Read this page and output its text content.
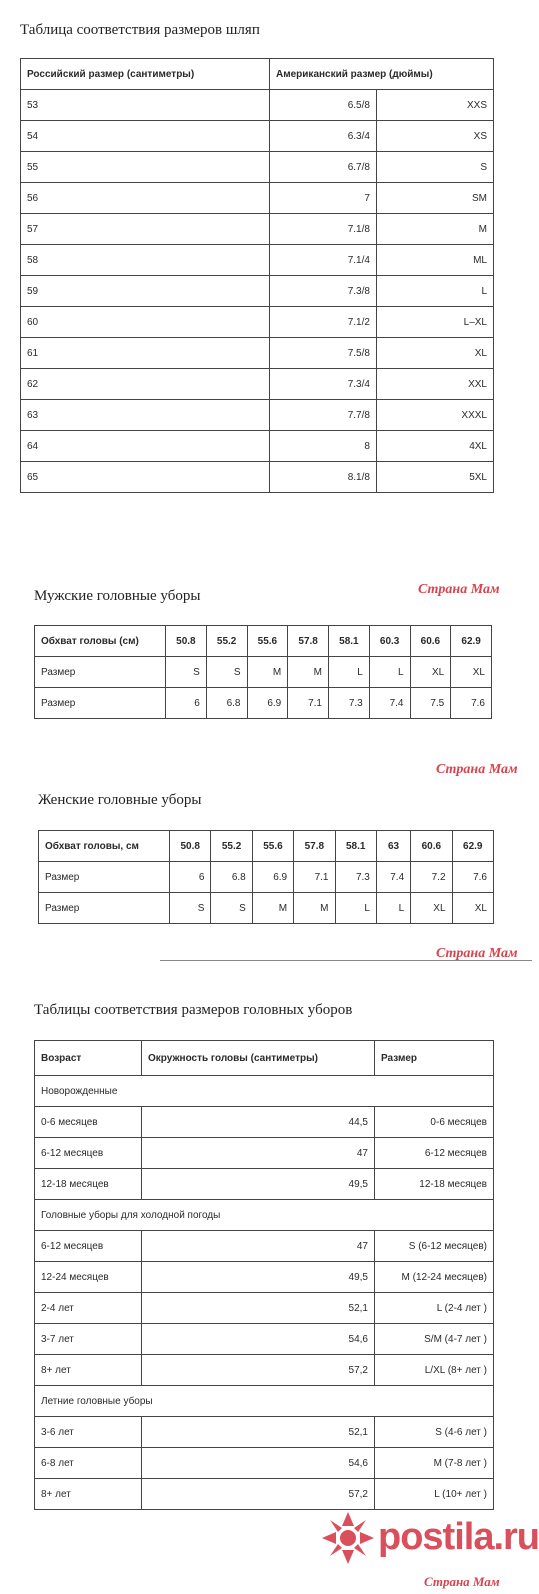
Таблица соответствия размеров шляп
Российский размер (сантиметры)	Американский размер (дюймы)	
53	6.5/8	XXS
54	6.3/4	XS
55	6.7/8	S
56	7	SM
57	7.1/8	M
58	7.1/4	ML
59	7.3/8	L
60	7.1/2	L–XL
61	7.5/8	XL
62	7.3/4	XXL
63	7.7/8	XXXL
64	8	4XL
65	8.1/8	5XL
Страна Мам
Мужские головные уборы
Обхват головы (см)	50.8	55.2	55.6	57.8	58.1	60.3	60.6	62.9
Размер	S	S	M	M	L	L	XL	XL
Размер	6	6.8	6.9	7.1	7.3	7.4	7.5	7.6
Страна Мам
Женские головные уборы
Обхват головы, см	50.8	55.2	55.6	57.8	58.1	63	60.6	62.9
Размер	6	6.8	6.9	7.1	7.3	7.4	7.2	7.6
Размер	S	S	M	M	L	L	XL	XL
Страна Мам
Таблицы соответствия размеров головных уборов
Возраст	Окружность головы (сантиметры)	Размер
Новорожденные		
0-6 месяцев	44,5	0-6 месяцев
6-12 месяцев	47	6-12 месяцев
12-18 месяцев	49,5	12-18 месяцев
Головные уборы для холодной погоды		
6-12 месяцев	47	S (6-12 месяцев)
12-24 месяцев	49,5	M (12-24 месяцев)
2-4 лет	52,1	L (2-4 лет )
3-7 лет	54,6	S/M (4-7 лет )
8+ лет	57,2	L/XL (8+ лет )
Летние головные уборы		
3-6 лет	52,1	S (4-6 лет )
6-8 лет	54,6	M (7-8 лет )
8+ лет	57,2	L (10+ лет )
postila.ru
Страна Мам
